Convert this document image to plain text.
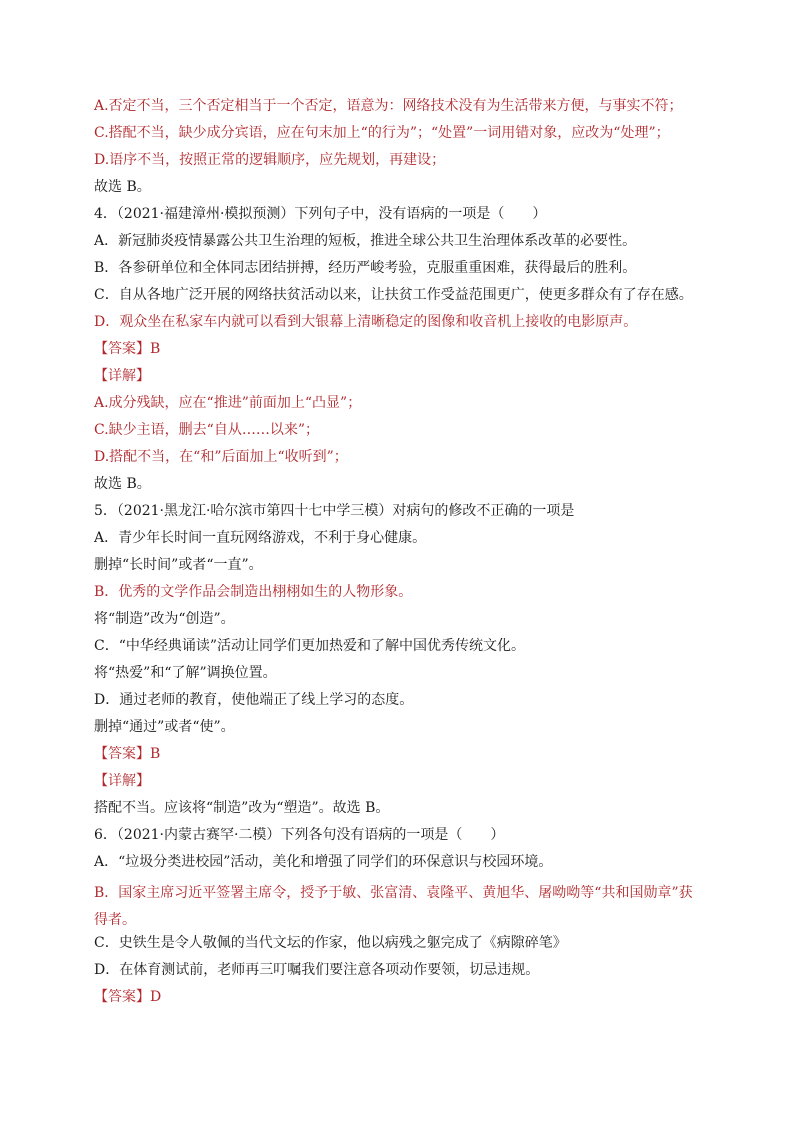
A.否定不当，三个否定相当于一个否定，语意为：网络技术没有为生活带来方便，与事实不符；
C.搭配不当，缺少成分宾语，应在句末加上“的行为”；“处置”一词用错对象，应改为“处理”；
D.语序不当，按照正常的逻辑顺序，应先规划，再建设；
故选 B。
4．（2021·福建漳州·模拟预测）下列句子中，没有语病的一项是（　　）
A．新冠肺炎疫情暴露公共卫生治理的短板，推进全球公共卫生治理体系改革的必要性。
B．各参研单位和全体同志团结拼搏，经历严峻考验，克服重重困难，获得最后的胜利。
C．自从各地广泛开展的网络扶贫活动以来，让扶贫工作受益范围更广，使更多群众有了存在感。
D．观众坐在私家车内就可以看到大银幕上清晰稳定的图像和收音机上接收的电影原声。
【答案】B
【详解】
A.成分残缺，应在“推进”前面加上“凸显”；
C.缺少主语，删去“自从……以来”；
D.搭配不当，在“和”后面加上“收听到”；
故选 B。
5．（2021·黑龙江·哈尔滨市第四十七中学三模）对病句的修改不正确的一项是
A．青少年长时间一直玩网络游戏，不利于身心健康。
删掉“长时间”或者“一直”。
B．优秀的文学作品会制造出栩栩如生的人物形象。
将“制造”改为“创造”。
C．“中华经典诵读”活动让同学们更加热爱和了解中国优秀传统文化。
将“热爱”和“了解”调换位置。
D．通过老师的教育，使他端正了线上学习的态度。
删掉“通过”或者“使”。
【答案】B
【详解】
搭配不当。应该将“制造”改为“塑造”。故选 B。
6．（2021·内蒙古赛罕·二模）下列各句没有语病的一项是（　　）
A．“垃圾分类进校园”活动，美化和增强了同学们的环保意识与校园环境。
B．国家主席习近平签署主席令，授予于敏、张富清、袁隆平、黄旭华、屠呦呦等“共和国勋章”获得者。
C．史铁生是令人敬佩的当代文坛的作家，他以病残之躯完成了《病隙碎笔》
D．在体育测试前，老师再三叮嘱我们要注意各项动作要领，切忌违规。
【答案】D
